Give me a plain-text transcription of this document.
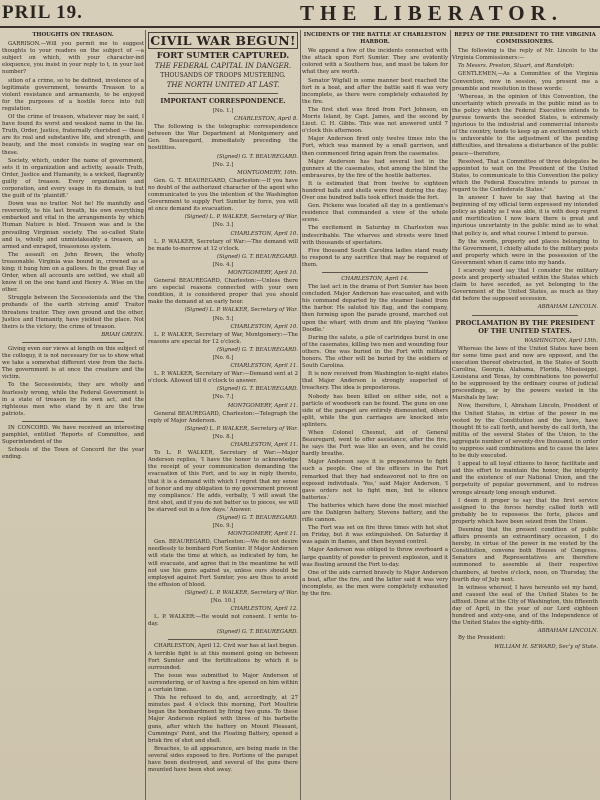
PRIL 19.	THE LIBERATOR.
THOUGHTS ON TREASON.

GARRISON.—Will you permit me to suggest thoughts to your readers on the subject of —a subject on which, with your character-ind eloquence, you insist in your reply to t, in your last number?

sition of a crime, so to be defined, involence of a legitimate government, towards Treason to a violent resistance and armaments, to be enjoyed for the purposes of a hostile force into full regulation.

Of the crime of treason, whatever may be said, I have found its worst and weakest name in the lie. Truth, Order, Justice, fraternally cherished — these are its real and substantive life, and strength, and beauty, and the most consists in waging war on these.

Society, which, under the name of government, sets it in organization and activity, assails Truth, Order, Justice and Humanity, is a wicked, flagrantly guilty of treason. Every organization and corporation, and every usage in its domain, is but the guilt of its 'plaintiff.'

Down was no traitor. Not he! He manfully and reverently, to his last breath, his own everything embarked and vital in the arrangements by which Human Nature is bled. Treason was and is the prevailing Virginian society. The so-called State and is, wholly and unmistakeably a treason, an armed and enraged, treasonous system.

The assault on John Brown, the wholly treasonable. Virginia was bound in, crowned as a king; it hung him on a gallows. In the great Day of Order, when all accounts are settled, we shall all know it on the one hand and Henry A. Wise on the other.

Struggle between the Secessionists and the 'the probands of the earth striving amid' Traitor threatens traitor. They own ground and the other, Justice and Humanity, have yielded the place. Not theirs is the victory; the crime of treason.

BRIAH GREEN.

Giving even our views at length on this subject of the colloquy, it is not necessary for us to show what we take a somewhat different view from the facts. The government is at once the creature and the victim.

To the Secessionists, they are wholly and fearlessly wrong, while the Federal Government is in a state of treason by its own act, and the righteous men who stand by it are the true patriots.

IN CONCORD. We have received an interesting pamphlet, entitled 'Reports of Committee, and Superintendent of the

Schools of the Town of Concord for the year ending.

CIVIL WAR BEGUN!
FORT SUMTER CAPTURED.
THE FEDERAL CAPITAL IN DANGER.
THOUSANDS OF TROOPS MUSTERING.
THE NORTH UNITED AT LAST.
IMPORTANT CORRESPONDENCE.

[No. 1.]

CHARLESTON, April 8.

The following is the telegraphic correspondence between the War Department at Montgomery and Gen. Beauregard, immediately preceding the hostilities.

(Signed) G. T. BEAUREGARD.

[No. 2.]

MONTGOMERY, 10th.

Gen. G. T. BEAUREGARD, Charleston:—If you have no doubt of the authorized character of the agent who communicated to you the intention of the Washington Government to supply Fort Sumter by force, you will at once demand its evacuation.

(Signed) L. P. WALKER, Secretary of War.

[No. 3.]

CHARLESTON, April 10.

L. P. WALKER, Secretary of War:—The demand will be made to-morrow at 12 o'clock.

(Signed) G. T. BEAUREGARD.

[No. 4.]

MONTGOMERY, April 10.

General BEAUREGARD, Charleston:—Unless there are especial reasons connected with your own condition, it is considered proper that you should make the demand at an early hour.

(Signed) L. P. WALKER, Secretary of War.

[No. 5.]

CHARLESTON, April 10.

L. P. WALKER, Secretary of War, Montgomery:—The reasons are special for 12 o'clock.

(Signed) G. T. BEAUREGARD.

[No. 6.]

CHARLESTON, April 11.

L. P. WALKER, Secretary of War:—Demand sent at 2 o'clock. Allowed till 6 o'clock to answer.

(Signed) G. T. BEAUREGARD.

[No. 7.]

MONTGOMERY, April 11.

General BEAUREGARD, Charleston:—Telegraph the reply of Major Anderson.

(Signed) L. P. WALKER, Secretary of War.

[No. 8.]

CHARLESTON, April 11.

To L. P. WALKER, Secretary of War:—Major Anderson replies, 'I have the honor to acknowledge the receipt of your communication demanding the evacuation of this Fort, and to say in reply thereto, that it is a demand with which I regret that my sense of honor and my obligation to my government prevent my compliance.' He adds, verbally, 'I will await the first shot, and if you do not batter us to pieces, we will be starved out in a few days.' Answer.

(Signed) G. T. BEAUREGARD.

[No. 9.]

MONTGOMERY, April 11.

Gen. BEAUREGARD, Charleston:—We do not desire needlessly to bombard Fort Sumter. If Major Anderson will state the time at which, as indicated by him, he will evacuate, and agree that in the meantime he will not use his guns against us, unless ours should be employed against Fort Sumter, you are thus to avoid the effusion of blood.

(Signed) L. P. WALKER, Secretary of War.

[No. 10.]

CHARLESTON, April 12.

L. P. WALKER:—He would not consent. I write to-day.

(Signed) G. T. BEAUREGARD.

CHARLESTON, April 12. Civil war has at last begun. A terrible fight is at this moment going on between Fort Sumter and the fortifications by which it is surrounded.

The issue was submitted to Major Anderson of surrendering, or of having a fire opened on him within a certain time.

This he refused to do, and, accordingly, at 27 minutes past 4 o'clock this morning, Fort Moultrie began the bombardment by firing two guns. To these Major Anderson replied with three of his barbette guns, after which the battery on Mount Pleasant, Cummings' Point, and the Floating Battery, opened a brisk fire of shot and shell.

Breaches, to all appearance, are being made in the several sides exposed to fire. Portions of the parapet have been destroyed, and several of the guns there mounted have been shot away.

INCIDENTS OF THE BATTLE AT CHARLESTON HARBOR.

We append a few of the incidents connected with the attack upon Fort Sumter. They are evidently colored with a Southern hue, and must be taken for what they are worth.

Senator Wigfall in some manner best reached the fort in a boat, and after the battle said it was very incomplete, as there were completely exhausted by the fire.

The first shot was fired from Fort Johnson, on Morris Island, by Capt. James, and the second by Lieut. C. H. Gibbs. This was not answered until 7 o'clock this afternoon.

Major Anderson fired only twelve times into the Fort, which was manned by a small garrison, and then commenced firing again from the casemates.

Major Anderson has had several lost in the gunners at the casemates, shot among the blind the embrasures, by the fire of the hostile batteries.

It is estimated that from twelve to eighteen hundred balls and shells were fired during the day. Over one hundred balls took effect inside the fort.

Gen. Pickens was located all day in a gentleman's residence that commanded a view of the whole scene.

The excitement in Saturday in Charleston was indescribable. The wharves and streets were lined with thousands of spectators.

Five thousand South Carolina ladies stand ready to respond to any sacrifice that may be required of them.

CHARLESTON, April 14.

The last act in the drama of Fort Sumter has been concluded. Major Anderson has evacuated, and with his command departed by the steamer Isabel from the harbor. He saluted his flag, and the company, then forming upon the parade ground, marched out upon the wharf, with drum and fife playing 'Yankee Doodle.'

During the salute, a pile of cartridges burst in one of the casemates, killing two men and wounding four others. One was buried in the Fort with military honors. The other will be buried by the soldiers of South Carolina.

It is now received from Washington to-night states that Major Anderson is strongly suspected of treachery. The idea is preposterous.

Nobody has been killed on either side, not a particle of woodwork can be found. The guns on one side of the parapet are entirely dismounted, others split, while the gun carriages are knocked into splinters.

When Colonel Chesnut, aid of General Beauregard, went to offer assistance, after the fire, he says the Fort was like an oven, and he could hardly breathe.

Major Anderson says it is preposterous to fight such a people. One of the officers in the Fort remarked that they had endeavored not to fire on exposed individuals. 'Yes,' said Major Anderson, 'I gave orders not to fight men, but to silence batteries.'

The batteries which have done the most mischief are the Dahlgren battery, Stevens battery, and the rifle cannon.

The Fort was set on fire three times with hot shot on Friday, but it was extinguished. On Saturday it was again in flames, and then beyond control.

Major Anderson was obliged to throw overboard a large quantity of powder to prevent explosion, and it was floating around the Fort to-day.

One of the aids carried bravely to Major Anderson a boat, after the fire, and the latter said it was very incomplete, as the men were completely exhausted by the fire.

REPLY OF THE PRESIDENT TO THE VIRGINIA COMMISSIONERS.

The following is the reply of Mr. Lincoln to the Virginia Commissioners:—

To Messrs. Preston, Stuart, and Randolph:

GENTLEMEN,—As a Committee of the Virginia Convention, now in session, you present me a preamble and resolution in these words:

'Whereas, in the opinion of this Convention, the uncertainty which prevails in the public mind as to the policy which the Federal Executive intends to pursue towards the seceded States, is extremely injurious to the industrial and commercial interests of the country, tends to keep up an excitement which is unfavorable to the adjustment of the pending difficulties, and threatens a disturbance of the public peace—therefore,

Resolved, That a Committee of three delegates be appointed to wait on the President of the United States, to communicate to this Convention the policy which the Federal Executive intends to pursue in regard to the Confederate States.'

In answer I have to say that having at the beginning of my official term expressed my intended policy as plainly as I was able, it is with deep regret and mortification I now learn there is great and injurious uncertainty in the public mind as to what that policy is, and what course I intend to pursue.

By the words, property and places belonging to the Government, I chiefly allude to the military posts and property which were in the possession of the Government when it came into my hands.

I scarcely need say that I consider the military posts and property situated within the States which claim to have seceded, as yet belonging to the Government of the United States, as much as they did before the supposed secession.

ABRAHAM LINCOLN.
PROCLAMATION BY THE PRESIDENT OF THE UNITED STATES.

WASHINGTON, April 15th.

Whereas the laws of the United States have been for some time past and now are opposed, and the execution thereof obstructed, in the States of South Carolina, Georgia, Alabama, Florida, Mississippi, Louisiana and Texas, by combinations too powerful to be suppressed by the ordinary course of judicial proceedings, or by the powers vested in the Marshals by law;

Now, therefore, I, Abraham Lincoln, President of the United States, in virtue of the power in me vested by the Constitution and the laws, have thought fit to call forth, and hereby do call forth, the militia of the several States of the Union, to the aggregate number of seventy-five thousand, in order to suppress said combinations and to cause the laws to be duly executed.

I appeal to all loyal citizens to favor, facilitate and aid this effort to maintain the honor, the integrity and the existence of our National Union, and the perpetuity of popular government, and to redress wrongs already long enough endured.

I deem it proper to say that the first service assigned to the forces hereby called forth will probably be to repossess the forts, places and property which have been seized from the Union.

Deeming that the present condition of public affairs presents an extraordinary occasion, I do hereby, in virtue of the power in me vested by the Constitution, convene both Houses of Congress. Senators and Representatives are therefore summoned to assemble at their respective chambers, at twelve o'clock, noon, on Thursday, the fourth day of July next.

In witness whereof, I have hereunto set my hand, and caused the seal of the United States to be affixed. Done at the City of Washington, this fifteenth day of April, in the year of our Lord eighteen hundred and sixty-one, and of the Independence of the United States the eighty-fifth.

ABRAHAM LINCOLN.

By the President:

WILLIAM H. SEWARD, Sec'y of State.
